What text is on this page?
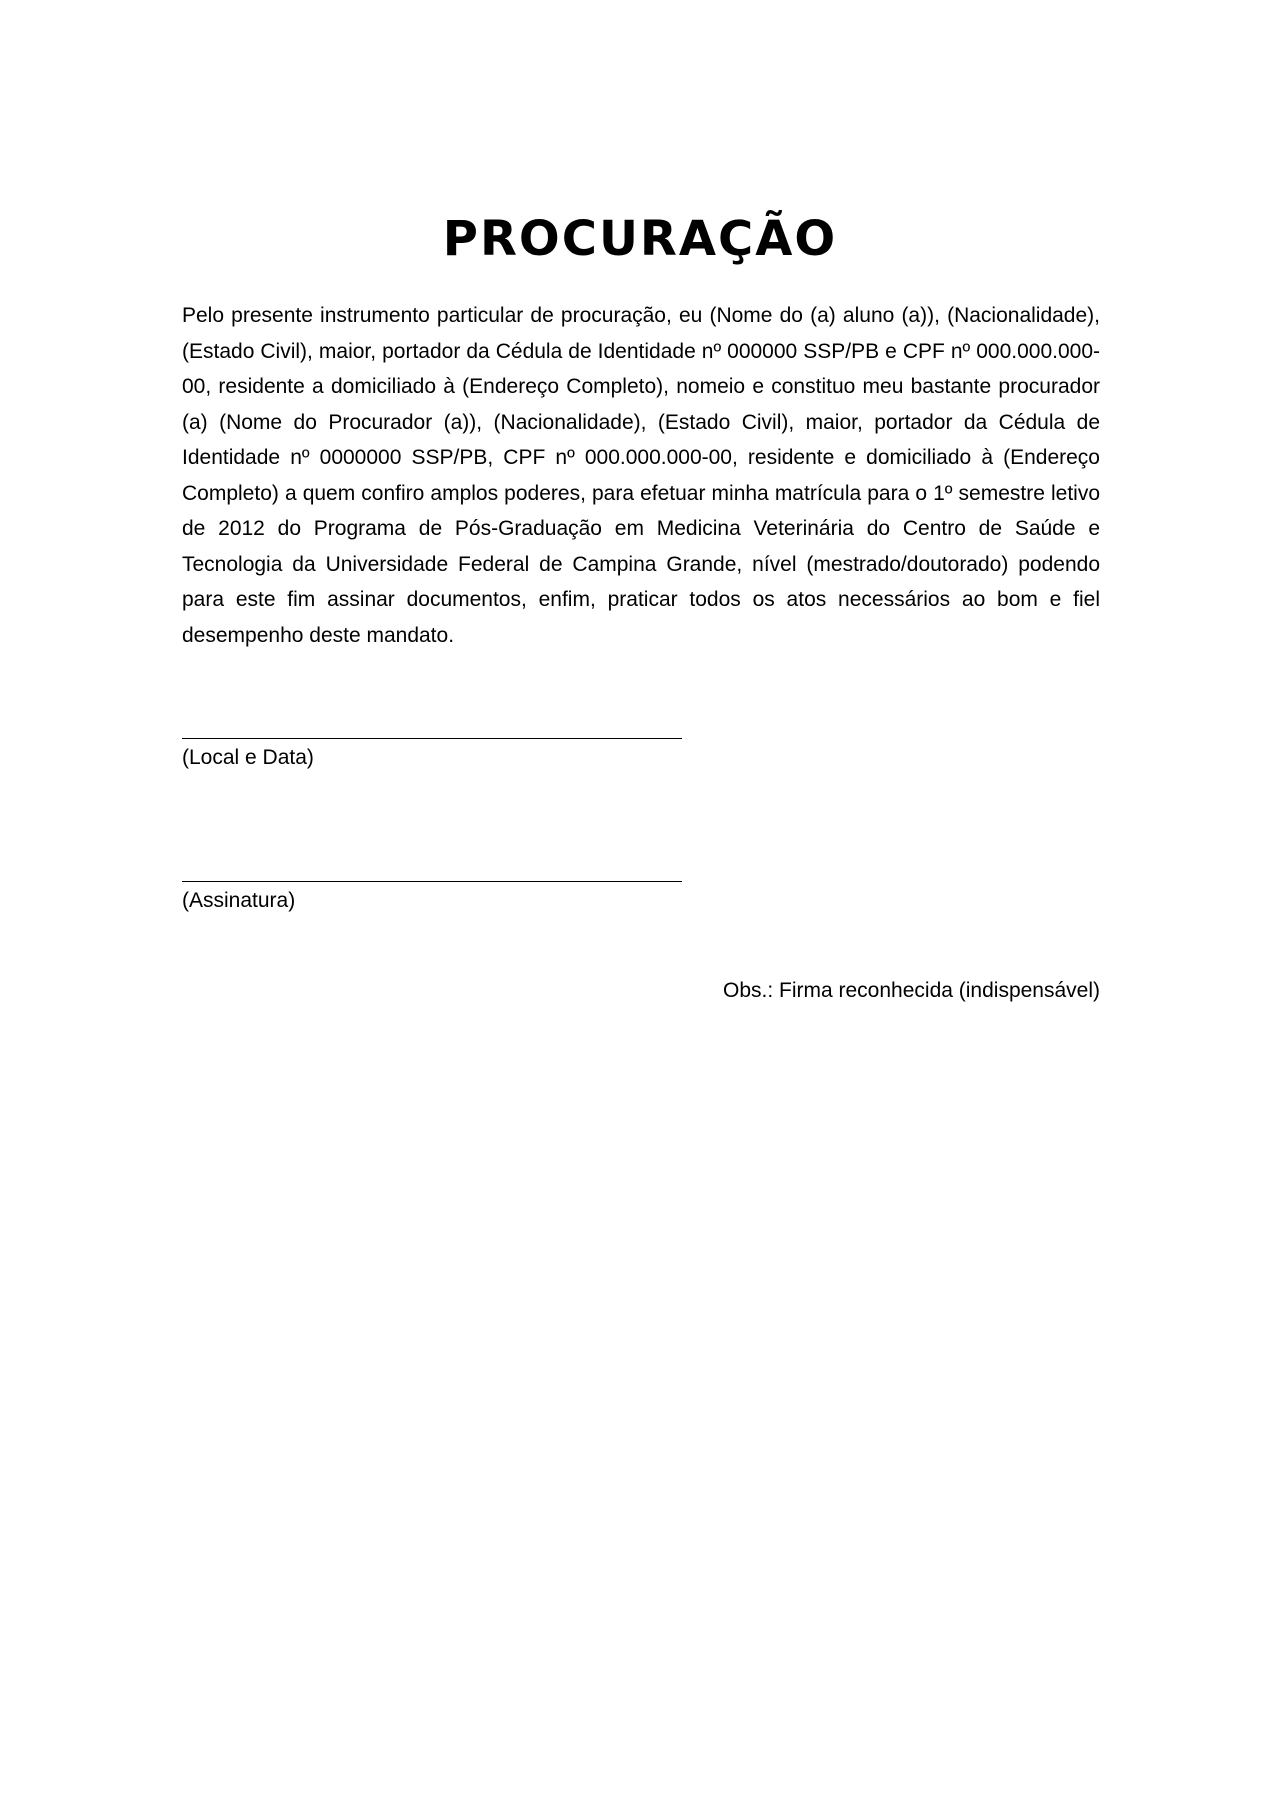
PROCURAÇÃO

Pelo presente instrumento particular de procuração, eu (Nome do (a) aluno (a)), (Nacionalidade), (Estado Civil), maior, portador da Cédula de Identidade nº 000000 SSP/PB e CPF nº 000.000.000-00, residente a domiciliado à (Endereço Completo), nomeio e constituo meu bastante procurador (a) (Nome do Procurador (a)), (Nacionalidade), (Estado Civil), maior, portador da Cédula de Identidade nº 0000000 SSP/PB, CPF nº 000.000.000-00, residente e domiciliado à (Endereço Completo) a quem confiro amplos poderes, para efetuar minha matrícula para o 1º semestre letivo de 2012 do Programa de Pós-Graduação em Medicina Veterinária do Centro de Saúde e Tecnologia da Universidade Federal de Campina Grande, nível (mestrado/doutorado) podendo para este fim assinar documentos, enfim, praticar todos os atos necessários ao bom e fiel desempenho deste mandato.

(Local e Data)
(Assinatura)
Obs.: Firma reconhecida (indispensável)
